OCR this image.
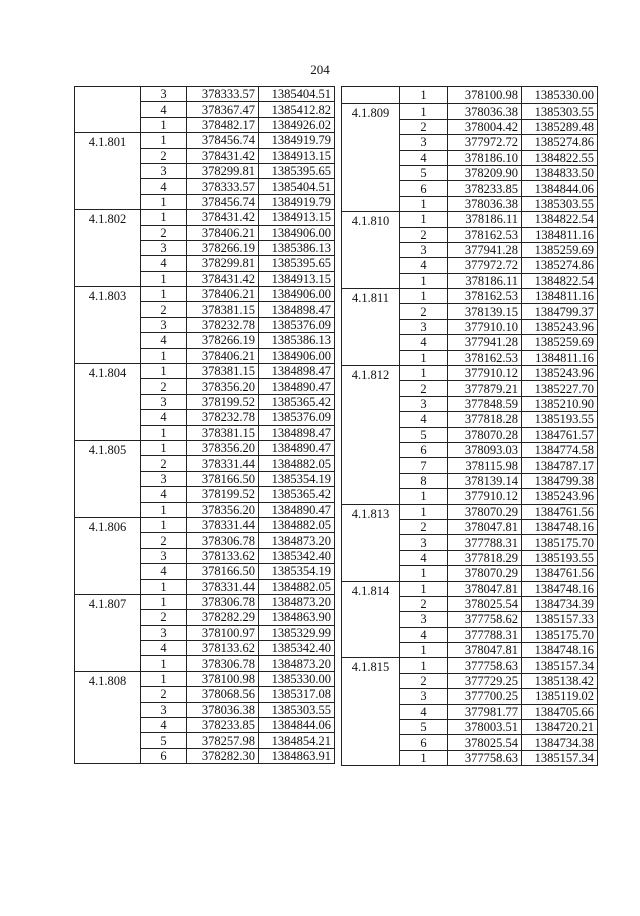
204
	3	378333.57	1385404.51
	4	378367.47	1385412.82
	1	378482.17	1384926.02
4.1.801	1	378456.74	1384919.79
	2	378431.42	1384913.15
	3	378299.81	1385395.65
	4	378333.57	1385404.51
	1	378456.74	1384919.79
4.1.802	1	378431.42	1384913.15
	2	378406.21	1384906.00
	3	378266.19	1385386.13
	4	378299.81	1385395.65
	1	378431.42	1384913.15
4.1.803	1	378406.21	1384906.00
	2	378381.15	1384898.47
	3	378232.78	1385376.09
	4	378266.19	1385386.13
	1	378406.21	1384906.00
4.1.804	1	378381.15	1384898.47
	2	378356.20	1384890.47
	3	378199.52	1385365.42
	4	378232.78	1385376.09
	1	378381.15	1384898.47
4.1.805	1	378356.20	1384890.47
	2	378331.44	1384882.05
	3	378166.50	1385354.19
	4	378199.52	1385365.42
	1	378356.20	1384890.47
4.1.806	1	378331.44	1384882.05
	2	378306.78	1384873.20
	3	378133.62	1385342.40
	4	378166.50	1385354.19
	1	378331.44	1384882.05
4.1.807	1	378306.78	1384873.20
	2	378282.29	1384863.90
	3	378100.97	1385329.99
	4	378133.62	1385342.40
	1	378306.78	1384873.20
4.1.808	1	378100.98	1385330.00
	2	378068.56	1385317.08
	3	378036.38	1385303.55
	4	378233.85	1384844.06
	5	378257.98	1384854.21
	6	378282.30	1384863.91
	1	378100.98	1385330.00
4.1.809	1	378036.38	1385303.55
	2	378004.42	1385289.48
	3	377972.72	1385274.86
	4	378186.10	1384822.55
	5	378209.90	1384833.50
	6	378233.85	1384844.06
	1	378036.38	1385303.55
4.1.810	1	378186.11	1384822.54
	2	378162.53	1384811.16
	3	377941.28	1385259.69
	4	377972.72	1385274.86
	1	378186.11	1384822.54
4.1.811	1	378162.53	1384811.16
	2	378139.15	1384799.37
	3	377910.10	1385243.96
	4	377941.28	1385259.69
	1	378162.53	1384811.16
4.1.812	1	377910.12	1385243.96
	2	377879.21	1385227.70
	3	377848.59	1385210.90
	4	377818.28	1385193.55
	5	378070.28	1384761.57
	6	378093.03	1384774.58
	7	378115.98	1384787.17
	8	378139.14	1384799.38
	1	377910.12	1385243.96
4.1.813	1	378070.29	1384761.56
	2	378047.81	1384748.16
	3	377788.31	1385175.70
	4	377818.29	1385193.55
	1	378070.29	1384761.56
4.1.814	1	378047.81	1384748.16
	2	378025.54	1384734.39
	3	377758.62	1385157.33
	4	377788.31	1385175.70
	1	378047.81	1384748.16
4.1.815	1	377758.63	1385157.34
	2	377729.25	1385138.42
	3	377700.25	1385119.02
	4	377981.77	1384705.66
	5	378003.51	1384720.21
	6	378025.54	1384734.38
	1	377758.63	1385157.34
